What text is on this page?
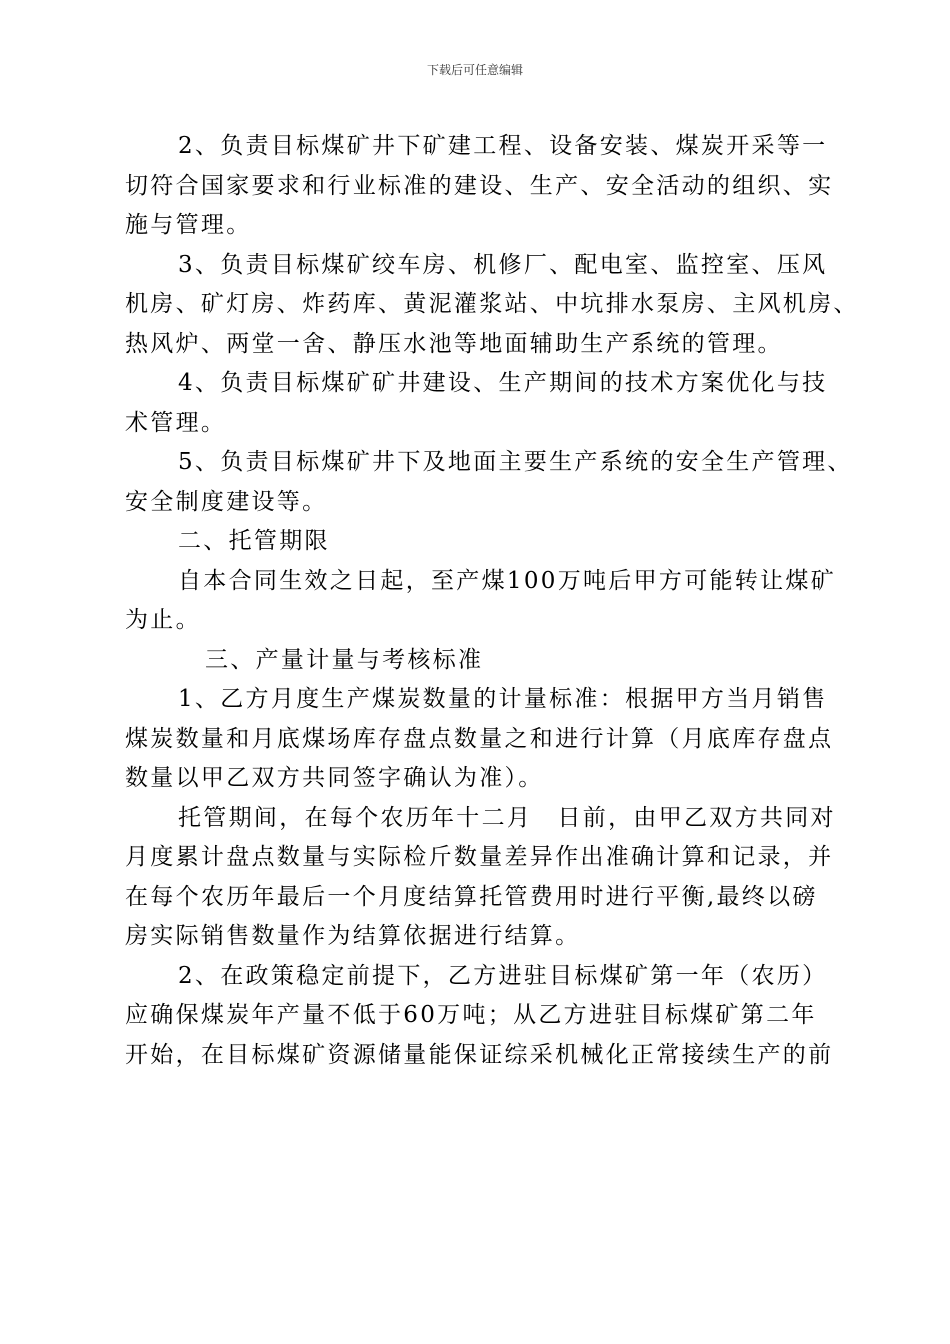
下载后可任意编辑
2、负责目标煤矿井下矿建工程、设备安装、煤炭开采等一
切符合国家要求和行业标准的建设、生产、安全活动的组织、实
施与管理。
3、负责目标煤矿绞车房、机修厂、配电室、监控室、压风
机房、矿灯房、炸药库、黄泥灌浆站、中坑排水泵房、主风机房、
热风炉、两堂一舍、静压水池等地面辅助生产系统的管理。
4、负责目标煤矿矿井建设、生产期间的技术方案优化与技
术管理。
5、负责目标煤矿井下及地面主要生产系统的安全生产管理、
安全制度建设等。
二、托管期限
自本合同生效之日起，至产煤100万吨后甲方可能转让煤矿
为止。
三、产量计量与考核标准
1、乙方月度生产煤炭数量的计量标准：根据甲方当月销售
煤炭数量和月底煤场库存盘点数量之和进行计算（月底库存盘点
数量以甲乙双方共同签字确认为准）。
托管期间，在每个农历年十二月　日前，由甲乙双方共同对
月度累计盘点数量与实际检斤数量差异作出准确计算和记录，并
在每个农历年最后一个月度结算托管费用时进行平衡,最终以磅
房实际销售数量作为结算依据进行结算。
2、在政策稳定前提下，乙方进驻目标煤矿第一年（农历）
应确保煤炭年产量不低于60万吨；从乙方进驻目标煤矿第二年
开始，在目标煤矿资源储量能保证综采机械化正常接续生产的前
